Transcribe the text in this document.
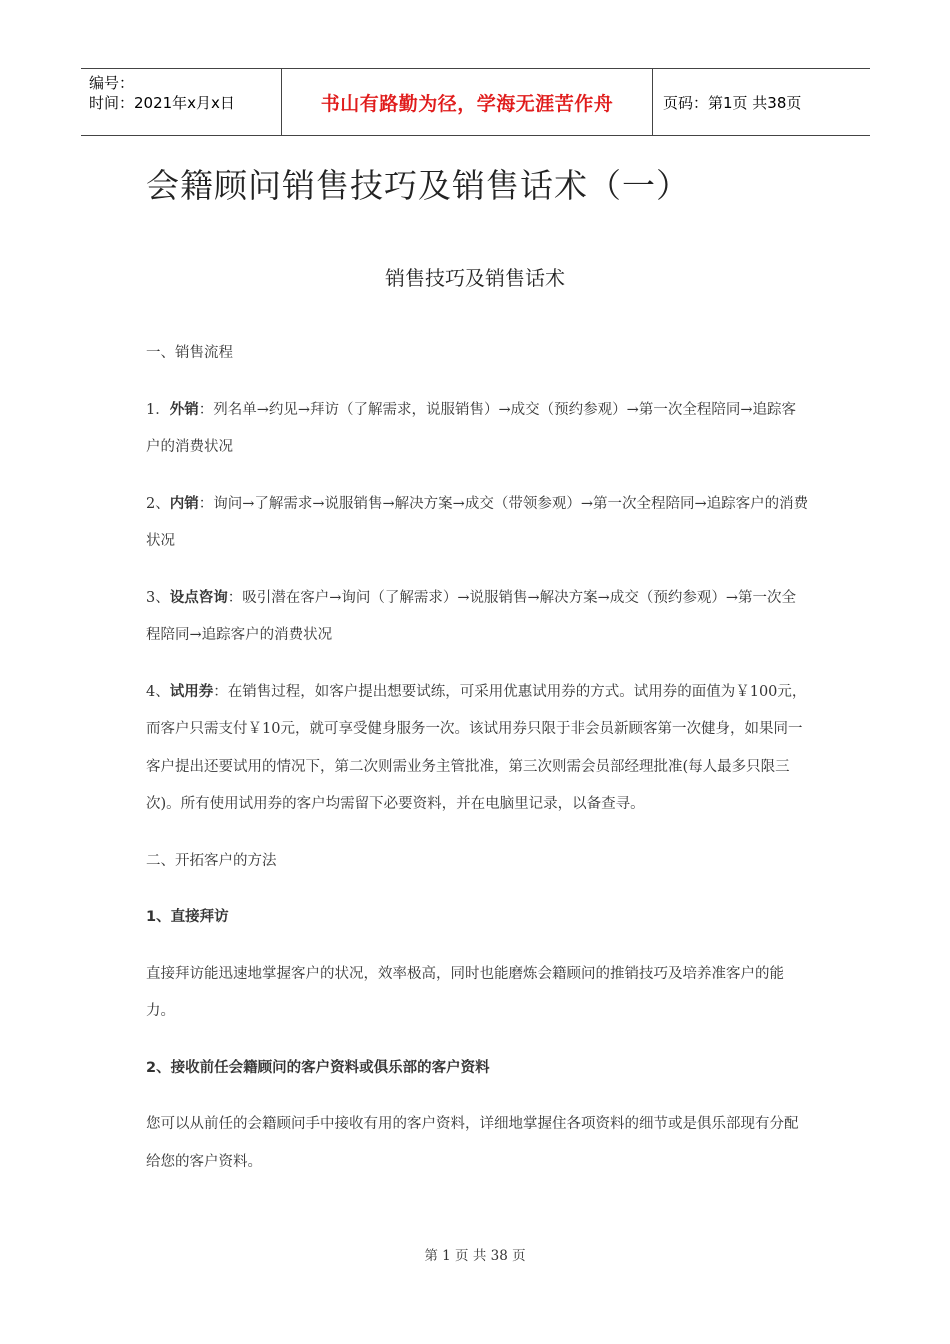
编号：
时间：2021年x月x日	书山有路勤为径，学海无涯苦作舟	页码：第1页 共38页
会籍顾问销售技巧及销售话术（一）
销售技巧及销售话术

一、销售流程

1．外销：列名单→约见→拜访（了解需求，说服销售）→成交（预约参观）→第一次全程陪同→追踪客户的消费状况

2、内销：询问→了解需求→说服销售→解决方案→成交（带领参观）→第一次全程陪同→追踪客户的消费状况

3、设点咨询：吸引潜在客户→询问（了解需求）→说服销售→解决方案→成交（预约参观）→第一次全程陪同→追踪客户的消费状况

4、试用券：在销售过程，如客户提出想要试练，可采用优惠试用券的方式。试用券的面值为￥100元，而客户只需支付￥10元，就可享受健身服务一次。该试用券只限于非会员新顾客第一次健身，如果同一客户提出还要试用的情况下，第二次则需业务主管批准，第三次则需会员部经理批准(每人最多只限三次)。所有使用试用券的客户均需留下必要资料，并在电脑里记录，以备查寻。

二、开拓客户的方法

1、直接拜访

直接拜访能迅速地掌握客户的状况，效率极高，同时也能磨炼会籍顾问的推销技巧及培养准客户的能力。

2、接收前任会籍顾问的客户资料或俱乐部的客户资料

您可以从前任的会籍顾问手中接收有用的客户资料，详细地掌握住各项资料的细节或是俱乐部现有分配给您的客户资料。

第 1 页 共 38 页
